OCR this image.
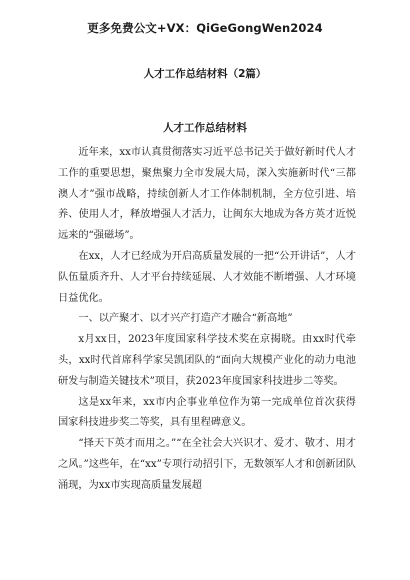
更多免费公文+VX：QiGeGongWen2024
人才工作总结材料（2篇）
人才工作总结材料

近年来，xx市认真贯彻落实习近平总书记关于做好新时代人才工作的重要思想，聚焦聚力全市发展大局，深入实施新时代“三都澳人才”强市战略，持续创新人才工作体制机制，全方位引进、培养、使用人才，释放增强人才活力，让闽东大地成为各方英才近悦远来的“强磁场”。

在xx，人才已经成为开启高质量发展的一把“公开讲话”，人才队伍量质齐升、人才平台持续延展、人才效能不断增强、人才环境日益优化。

一、以产聚才、以才兴产打造产才融合“新高地”

x月xx日，2023年度国家科学技术奖在京揭晓。由xx时代牵头，xx时代首席科学家吴凯团队的“面向大规模产业化的动力电池研发与制造关键技术”项目，获2023年度国家科技进步二等奖。

这是xx年来，xx市内企事业单位作为第一完成单位首次获得国家科技进步奖二等奖，具有里程碑意义。

“择天下英才而用之。”“在全社会大兴识才、爱才、敬才、用才之风。”这些年，在“xx”专项行动招引下，无数领军人才和创新团队涌现，为xx市实现高质量发展超
